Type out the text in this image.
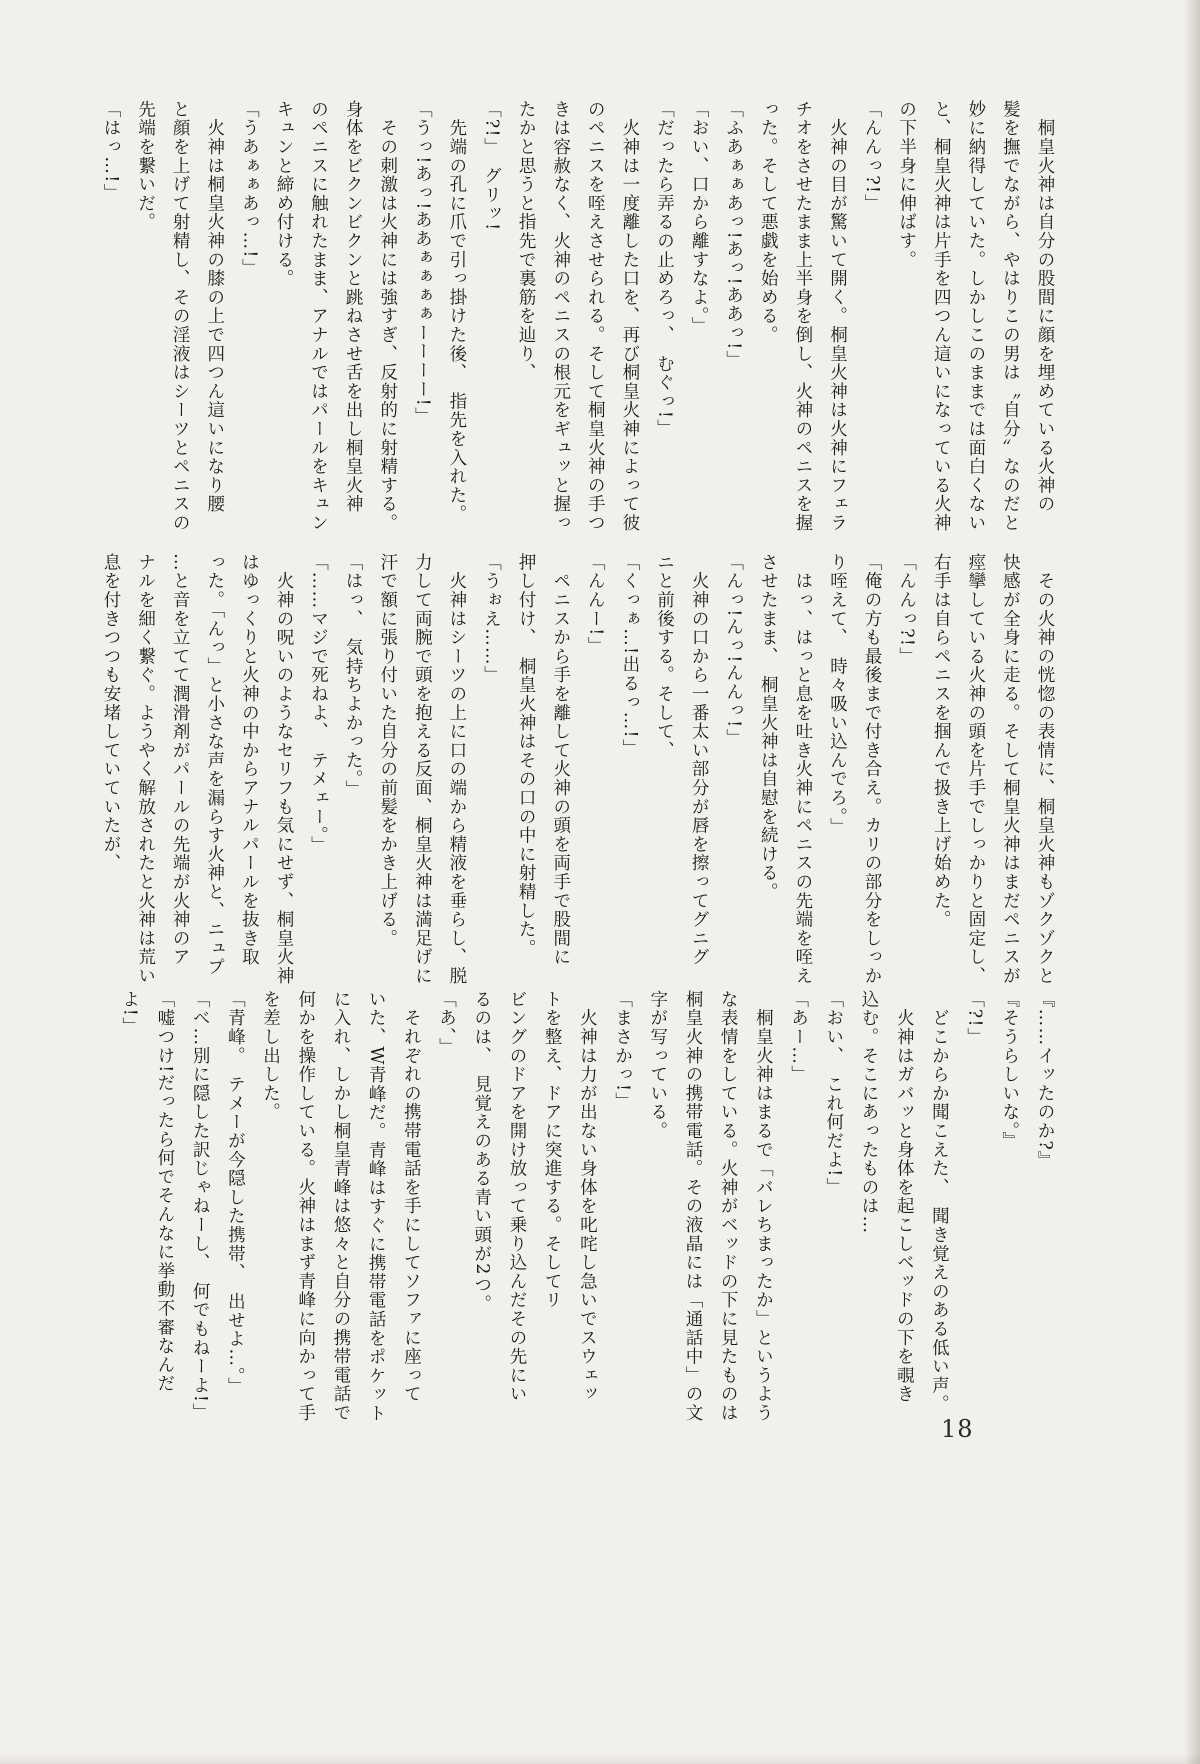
　桐皇火神は自分の股間に顔を埋めている火神の
髪を撫でながら、やはりこの男は〝自分〟なのだと
妙に納得していた。しかしこのままでは面白くない
と、桐皇火神は片手を四つん這いになっている火神
の下半身に伸ばす。
「んんっ?!」
　火神の目が驚いて開く。桐皇火神は火神にフェラ
チオをさせたまま上半身を倒し、火神のペニスを握
った。そして悪戯を始める。
「ふあぁぁあっ!あっ!ああっ!」
「おい、口から離すなよ。」
「だったら弄るの止めろっ、　むぐっ!」
　火神は一度離した口を、再び桐皇火神によって彼
のペニスを咥えさせられる。そして桐皇火神の手つ
きは容赦なく、火神のペニスの根元をギュッと握っ
たかと思うと指先で裏筋を辿り、
「?!」　グリッ!
　先端の孔に爪で引っ掛けた後、　指先を入れた。
「うっ!あっ!ああぁぁぁぁーーーー!」
　その刺激は火神には強すぎ、反射的に射精する。
身体をビクンビクンと跳ねさせ舌を出し桐皇火神
のペニスに触れたまま、アナルではパールをキュン
キュンと締め付ける。
「うあぁぁあっ…!」
　火神は桐皇火神の膝の上で四つん這いになり腰
と顔を上げて射精し、その淫液はシーツとペニスの
先端を繋いだ。
「はっ…!」
　その火神の恍惚の表情に、桐皇火神もゾクゾクと
快感が全身に走る。そして桐皇火神はまだペニスが
痙攣している火神の頭を片手でしっかりと固定し、
右手は自らペニスを掴んで扱き上げ始めた。
「んんっ?!」
「俺の方も最後まで付き合え。カリの部分をしっか
り咥えて、　時々吸い込んでろ。」
　はっ、はっと息を吐き火神にペニスの先端を咥え
させたまま、　桐皇火神は自慰を続ける。
「んっ!んっ!んんっ!」
　火神の口から一番太い部分が唇を擦ってグニグ
ニと前後する。そして、
「くっぁ…!出るっ…!」
「んんー!」
　ペニスから手を離して火神の頭を両手で股間に
押し付け、　桐皇火神はその口の中に射精した。
「うぉえ……」
　火神はシーツの上に口の端から精液を垂らし、脱
力して両腕で頭を抱える反面、桐皇火神は満足げに
汗で額に張り付いた自分の前髪をかき上げる。
「はっ、　気持ちよかった。」
「……マジで死ねよ、　テメェー。」
　火神の呪いのようなセリフも気にせず、桐皇火神
はゆっくりと火神の中からアナルパールを抜き取
った。「んっ」と小さな声を漏らす火神と、ニュプ
…と音を立てて潤滑剤がパールの先端が火神のア
ナルを細く繋ぐ。ようやく解放されたと火神は荒い
息を付きつつも安堵していていたが、
『……イッたのか?』
『そうらしいな。』
「?!」
　どこからか聞こえた、　聞き覚えのある低い声。
　火神はガバッと身体を起こしベッドの下を覗き
込む。そこにあったものは…
「おい、　これ何だよ!」
「あー…」
　桐皇火神はまるで「バレちまったか」というよう
な表情をしている。火神がベッドの下に見たものは
桐皇火神の携帯電話。その液晶には「通話中」の文
字が写っている。
「まさかっ!」
　火神は力が出ない身体を叱咤し急いでスウェッ
トを整え、ドアに突進する。そしてリ
ビングのドアを開け放って乗り込んだその先にい
るのは、　見覚えのある青い頭が2つ。
「あ、」
　それぞれの携帯電話を手にしてソファに座って
いた、W青峰だ。青峰はすぐに携帯電話をポケット
に入れ、しかし桐皇青峰は悠々と自分の携帯電話で
何かを操作している。火神はまず青峰に向かって手
を差し出した。
「青峰。　テメーが今隠した携帯、　出せよ…。」
「べ…別に隠した訳じゃねーし、　何でもねーよ!」
「嘘つけ!だったら何でそんなに挙動不審なんだ
よ!」
18
